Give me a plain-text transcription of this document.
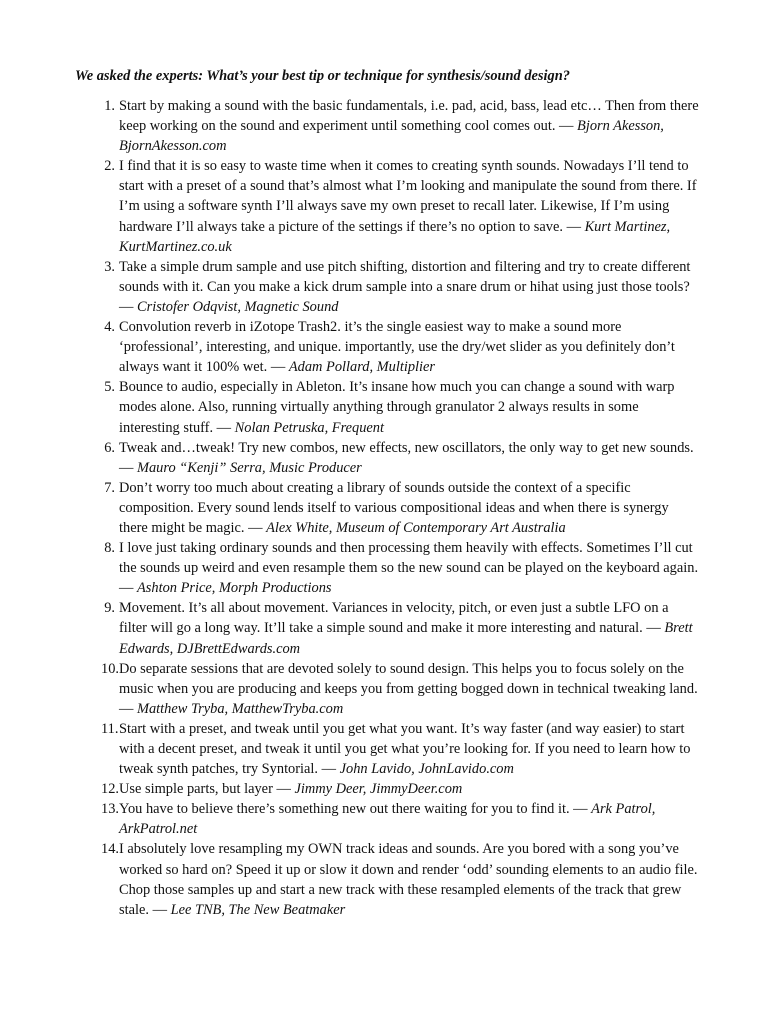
We asked the experts: What’s your best tip or technique for synthesis/sound design?

1. Start by making a sound with the basic fundamentals, i.e. pad, acid, bass, lead etc… Then from there keep working on the sound and experiment until something cool comes out. — Bjorn Akesson, BjornAkesson.com
2. I find that it is so easy to waste time when it comes to creating synth sounds. Nowadays I’ll tend to start with a preset of a sound that’s almost what I’m looking and manipulate the sound from there. If I’m using a software synth I’ll always save my own preset to recall later. Likewise, If I’m using hardware I’ll always take a picture of the settings if there’s no option to save. — Kurt Martinez, KurtMartinez.co.uk
3. Take a simple drum sample and use pitch shifting, distortion and filtering and try to create different sounds with it. Can you make a kick drum sample into a snare drum or hihat using just those tools? — Cristofer Odqvist, Magnetic Sound
4. Convolution reverb in iZotope Trash2. it’s the single easiest way to make a sound more ‘professional’, interesting, and unique. importantly, use the dry/wet slider as you definitely don’t always want it 100% wet. — Adam Pollard, Multiplier
5. Bounce to audio, especially in Ableton. It’s insane how much you can change a sound with warp modes alone. Also, running virtually anything through granulator 2 always results in some interesting stuff. — Nolan Petruska, Frequent
6. Tweak and…tweak! Try new combos, new effects, new oscillators, the only way to get new sounds. — Mauro “Kenji” Serra, Music Producer
7. Don’t worry too much about creating a library of sounds outside the context of a specific composition. Every sound lends itself to various compositional ideas and when there is synergy there might be magic. — Alex White, Museum of Contemporary Art Australia
8. I love just taking ordinary sounds and then processing them heavily with effects. Sometimes I’ll cut the sounds up weird and even resample them so the new sound can be played on the keyboard again. — Ashton Price, Morph Productions
9. Movement. It’s all about movement. Variances in velocity, pitch, or even just a subtle LFO on a filter will go a long way. It’ll take a simple sound and make it more interesting and natural. — Brett Edwards, DJBrettEdwards.com
10. Do separate sessions that are devoted solely to sound design. This helps you to focus solely on the music when you are producing and keeps you from getting bogged down in technical tweaking land. — Matthew Tryba, MatthewTryba.com
11. Start with a preset, and tweak until you get what you want. It’s way faster (and way easier) to start with a decent preset, and tweak it until you get what you’re looking for. If you need to learn how to tweak synth patches, try Syntorial. — John Lavido, JohnLavido.com
12. Use simple parts, but layer — Jimmy Deer, JimmyDeer.com
13. You have to believe there’s something new out there waiting for you to find it. — Ark Patrol, ArkPatrol.net
14. I absolutely love resampling my OWN track ideas and sounds. Are you bored with a song you’ve worked so hard on? Speed it up or slow it down and render ‘odd’ sounding elements to an audio file. Chop those samples up and start a new track with these resampled elements of the track that grew stale. — Lee TNB, The New Beatmaker
